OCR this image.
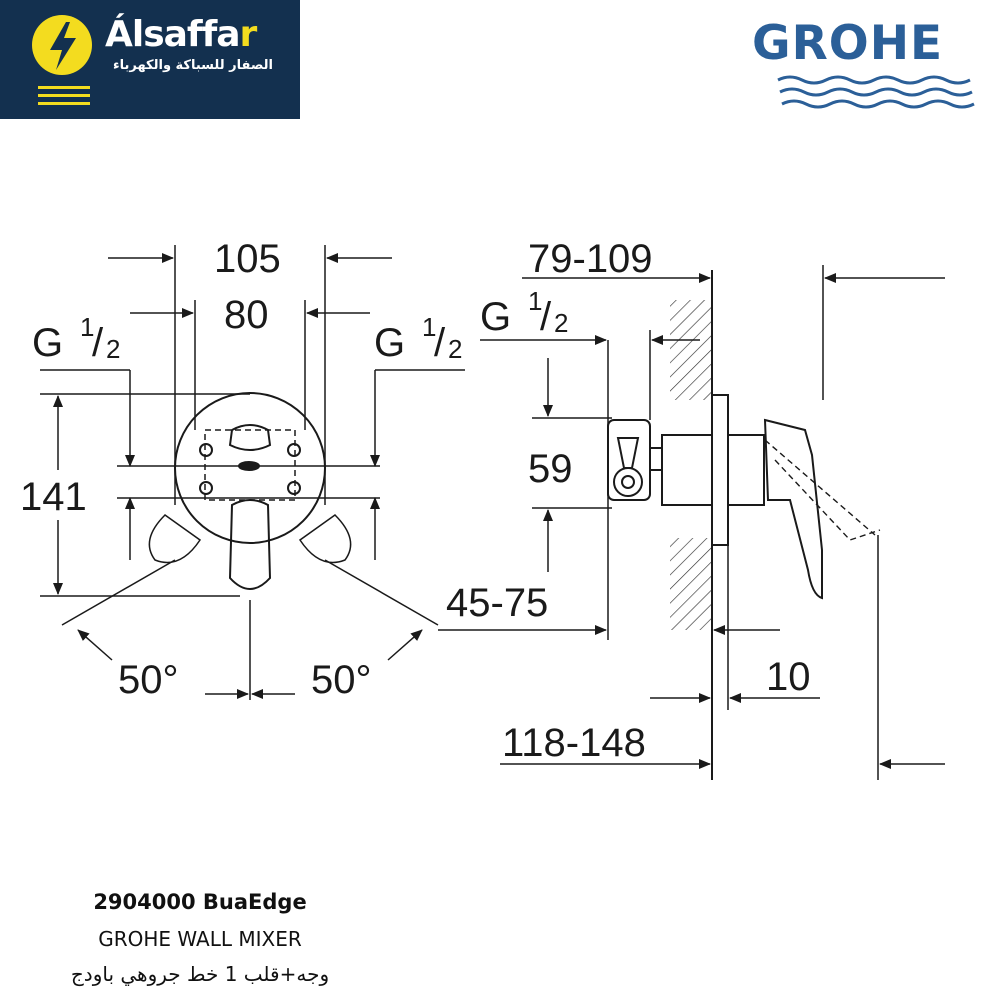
Álsaffar
الصفار للسباكة والكهرباء	GROHE
105
80
G 1
/ 2	G 1
/ 2
141
50°	50°
79-109
G 1
/ 2
59
45-75
10
118-148
2904000 BuaEdge
GROHE WALL MIXER
وجه+قلب 1 خط جروهي باودج
